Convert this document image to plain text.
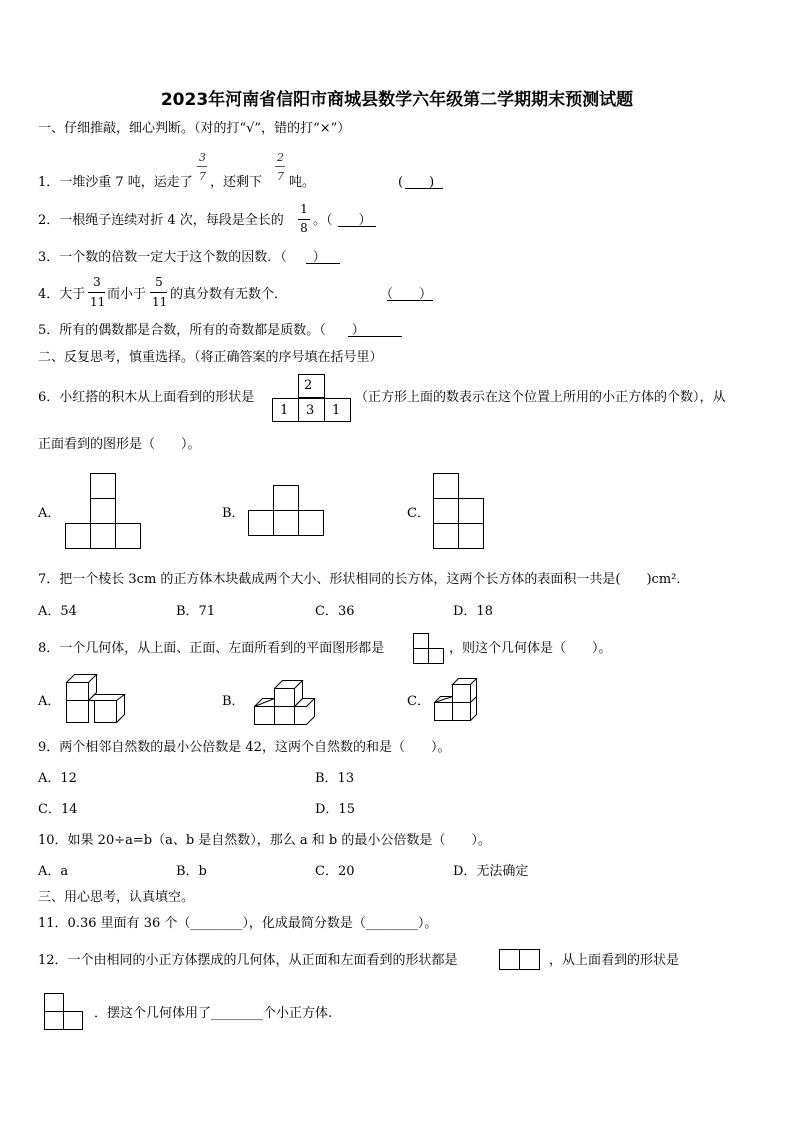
2023年河南省信阳市商城县数学六年级第二学期期末预测试题
一、仔细推敲，细心判断。（对的打“√”，错的打“×”）
1．一堆沙重 7 吨，运走了
3
7 ，还剩下
2
7 吨。	(　　)
2．一根绳子连续对折 4 次，每段是全长的
1
8 。（　　）
3．一个数的倍数一定大于这个数的因数．（　　）
4．大于
3
11 而小于
5
11 的真分数有无数个．	（　　）
5．所有的偶数都是合数，所有的奇数都是质数。（　　）
二、反复思考，慎重选择。（将正确答案的序号填在括号里）
6．小红搭的积木从上面看到的形状是
2
1 3 1
（正方形上面的数表示在这个位置上所用的小正方体的个数），从
正面看到的图形是（　　）。
A．	B．	C．
7．把一个棱长 3cm 的正方体木块截成两个大小、形状相同的长方体，这两个长方体的表面积一共是(　　)cm²．
A．54	B．71	C．36	D．18
8．一个几何体，从上面、正面、左面所看到的平面图形都是	，则这个几何体是（　　）。
A．	B．	C．
9．两个相邻自然数的最小公倍数是 42，这两个自然数的和是（　　）。
A．12	B．13
C．14	D．15
10．如果 20÷a=b（a、b 是自然数），那么 a 和 b 的最小公倍数是（　　）。
A．a	B．b	C．20	D．无法确定
三、用心思考，认真填空。
11．0.36 里面有 36 个（________），化成最简分数是（________）。
12．一个由相同的小正方体摆成的几何体，从正面和左面看到的形状都是	，从上面看到的形状是
．摆这个几何体用了________个小正方体.
